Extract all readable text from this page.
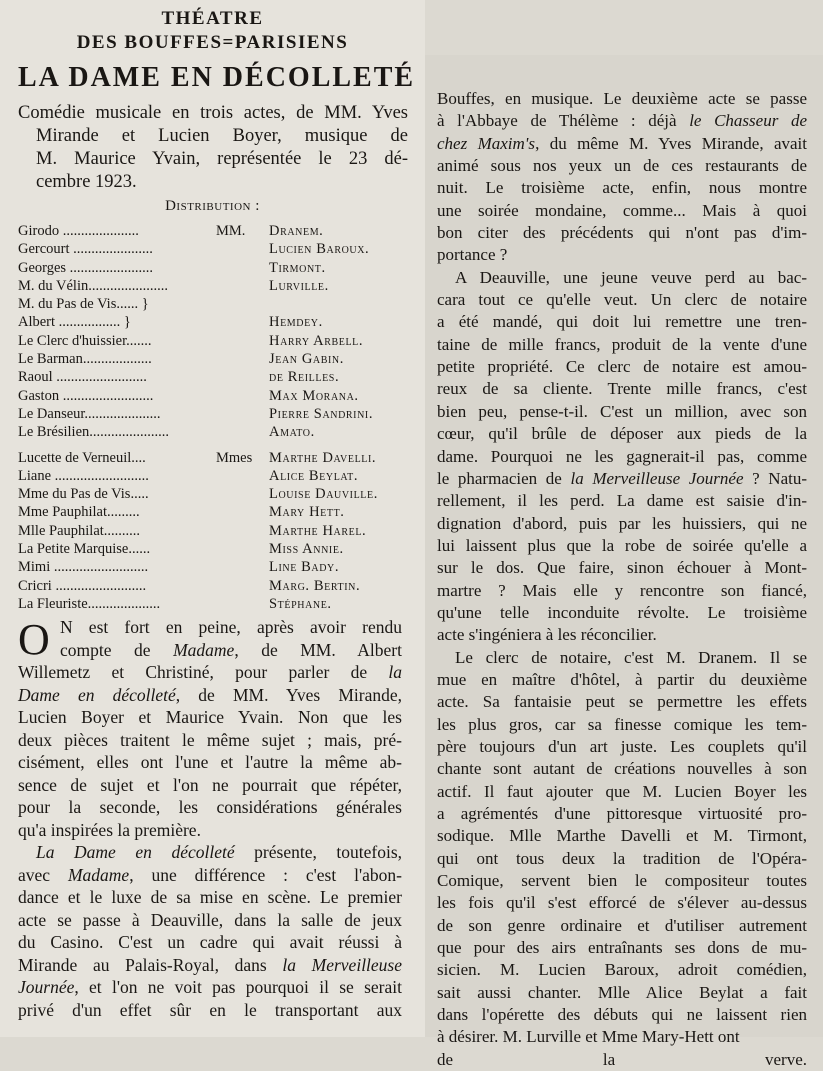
THÉATRE
DES BOUFFES=PARISIENS
LA DAME EN DÉCOLLETÉ
Comédie musicale en trois actes, de MM. Yves
Mirande et Lucien Boyer, musique de
M. Maurice Yvain, représentée le 23 dé-
cembre 1923.
Distribution :
Girodo .....................	MM. Dranem.
Gercourt ......................	Lucien Baroux.
Georges .......................	Tirmont.
M. du Vélin......................	Lurville.
M. du Pas de Vis...... }
Albert ................. }	Hemdey.
Le Clerc d'huissier.......	Harry Arbell.
Le Barman...................	Jean Gabin.
Raoul .........................	de Reilles.
Gaston .........................	Max Morana.
Le Danseur.....................	Pierre Sandrini.
Le Brésilien......................	Amato.
Lucette de Verneuil....	Mmes Marthe Davelli.
Liane ..........................	Alice Beylat.
Mme du Pas de Vis.....	Louise Dauville.
Mme Pauphilat.........	Mary Hett.
Mlle Pauphilat..........	Marthe Harel.
La Petite Marquise......	Miss Annie.
Mimi ..........................	Line Bady.
Cricri .........................	Marg. Bertin.
La Fleuriste....................	Stéphane.
O N est fort en peine, après avoir rendu
compte de Madame, de MM. Albert
Willemetz et Christiné, pour parler de la
Dame en décolleté, de MM. Yves Mirande,
Lucien Boyer et Maurice Yvain. Non que les
deux pièces traitent le même sujet ; mais, pré-
cisément, elles ont l'une et l'autre la même ab-
sence de sujet et l'on ne pourrait que répéter,
pour la seconde, les considérations générales
qu'a inspirées la première.
La Dame en décolleté présente, toutefois,
avec Madame, une différence : c'est l'abon-
dance et le luxe de sa mise en scène. Le premier
acte se passe à Deauville, dans la salle de jeux
du Casino. C'est un cadre qui avait réussi à
Mirande au Palais-Royal, dans la Merveilleuse
Journée, et l'on ne voit pas pourquoi il se serait
privé d'un effet sûr en le transportant aux
Bouffes, en musique. Le deuxième acte se passe
à l'Abbaye de Thélème : déjà le Chasseur de
chez Maxim's, du même M. Yves Mirande, avait
animé sous nos yeux un de ces restaurants de
nuit. Le troisième acte, enfin, nous montre
une soirée mondaine, comme... Mais à quoi
bon citer des précédents qui n'ont pas d'im-
portance ?
A Deauville, une jeune veuve perd au bac-
cara tout ce qu'elle veut. Un clerc de notaire
a été mandé, qui doit lui remettre une tren-
taine de mille francs, produit de la vente d'une
petite propriété. Ce clerc de notaire est amou-
reux de sa cliente. Trente mille francs, c'est
bien peu, pense-t-il. C'est un million, avec son
cœur, qu'il brûle de déposer aux pieds de la
dame. Pourquoi ne les gagnerait-il pas, comme
le pharmacien de la Merveilleuse Journée ? Natu-
rellement, il les perd. La dame est saisie d'in-
dignation d'abord, puis par les huissiers, qui ne
lui laissent plus que la robe de soirée qu'elle a
sur le dos. Que faire, sinon échouer à Mont-
martre ? Mais elle y rencontre son fiancé,
qu'une telle inconduite révolte. Le troisième
acte s'ingéniera à les réconcilier.
Le clerc de notaire, c'est M. Dranem. Il se
mue en maître d'hôtel, à partir du deuxième
acte. Sa fantaisie peut se permettre les effets
les plus gros, car sa finesse comique les tem-
père toujours d'un art juste. Les couplets qu'il
chante sont autant de créations nouvelles à son
actif. Il faut ajouter que M. Lucien Boyer les
a agrémentés d'une pittoresque virtuosité pro-
sodique. Mlle Marthe Davelli et M. Tirmont,
qui ont tous deux la tradition de l'Opéra-
Comique, servent bien le compositeur toutes
les fois qu'il s'est efforcé de s'élever au-dessus
de son genre ordinaire et d'utiliser autrement
que pour des airs entraînants ses dons de mu-
sicien. M. Lucien Baroux, adroit comédien,
sait aussi chanter. Mlle Alice Beylat a fait
dans l'opérette des débuts qui ne laissent rien
à désirer. M. Lurville et Mme Mary-Hett ont
de la verve.
